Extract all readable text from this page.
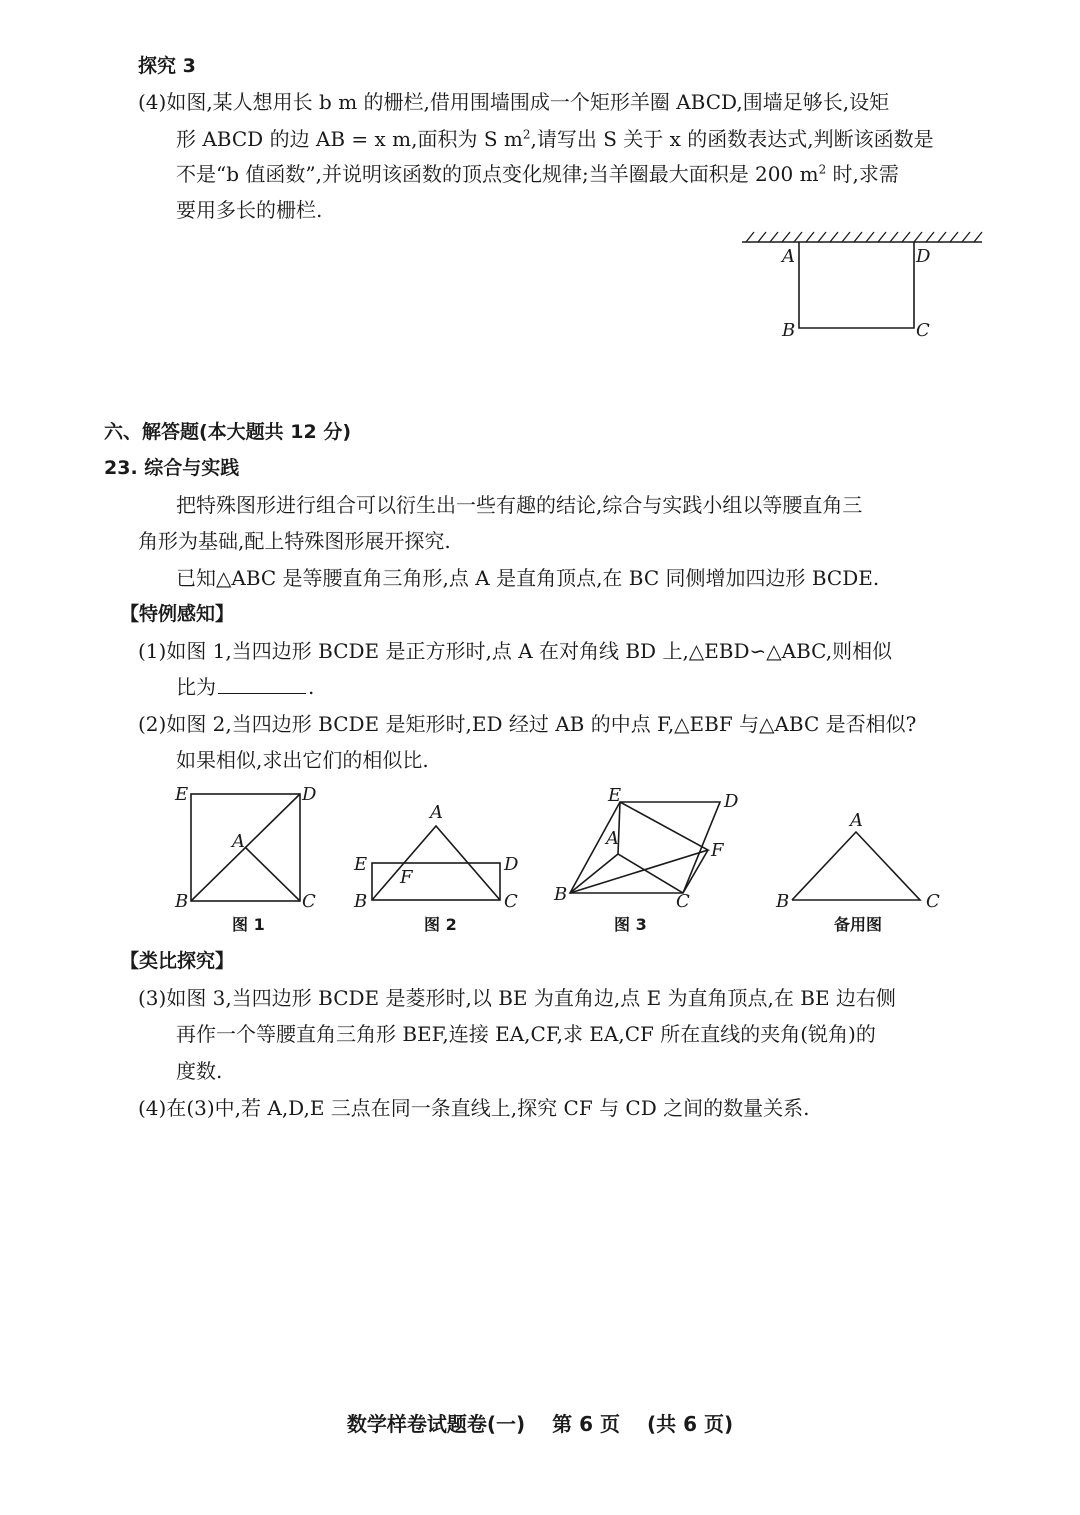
探究 3
(4)如图,某人想用长 b m 的栅栏,借用围墙围成一个矩形羊圈 ABCD,围墙足够长,设矩
形 ABCD 的边 AB = x m,面积为 S $m^2$,请写出 S 关于 x 的函数表达式,判断该函数是
不是“b 值函数”,并说明该函数的顶点变化规律;当羊圈最大面积是 200 $m^2$ 时,求需
要用多长的栅栏.
A	D
B	C
六、解答题(本大题共 12 分)
23. 综合与实践
把特殊图形进行组合可以衍生出一些有趣的结论,综合与实践小组以等腰直角三
角形为基础,配上特殊图形展开探究.
已知△ABC 是等腰直角三角形,点 A 是直角顶点,在 BC 同侧增加四边形 BCDE.
【特例感知】
(1)如图 1,当四边形 BCDE 是正方形时,点 A 在对角线 BD 上,△EBD∽△ABC,则相似
比为	.
(2)如图 2,当四边形 BCDE 是矩形时,ED 经过 AB 的中点 F,△EBF 与△ABC 是否相似?
如果相似,求出它们的相似比.
E	D
A
B	C
图 1
A
E	D
F
B	C
图 2
E	D
A
F
B	C
图 3
A
B	C
备用图
【类比探究】
(3)如图 3,当四边形 BCDE 是菱形时,以 BE 为直角边,点 E 为直角顶点,在 BE 边右侧
再作一个等腰直角三角形 BEF,连接 EA,CF,求 EA,CF 所在直线的夹角(锐角)的
度数.
(4)在(3)中,若 A,D,E 三点在同一条直线上,探究 CF 与 CD 之间的数量关系.
数学样卷试题卷(一) 第 6 页 (共 6 页)
